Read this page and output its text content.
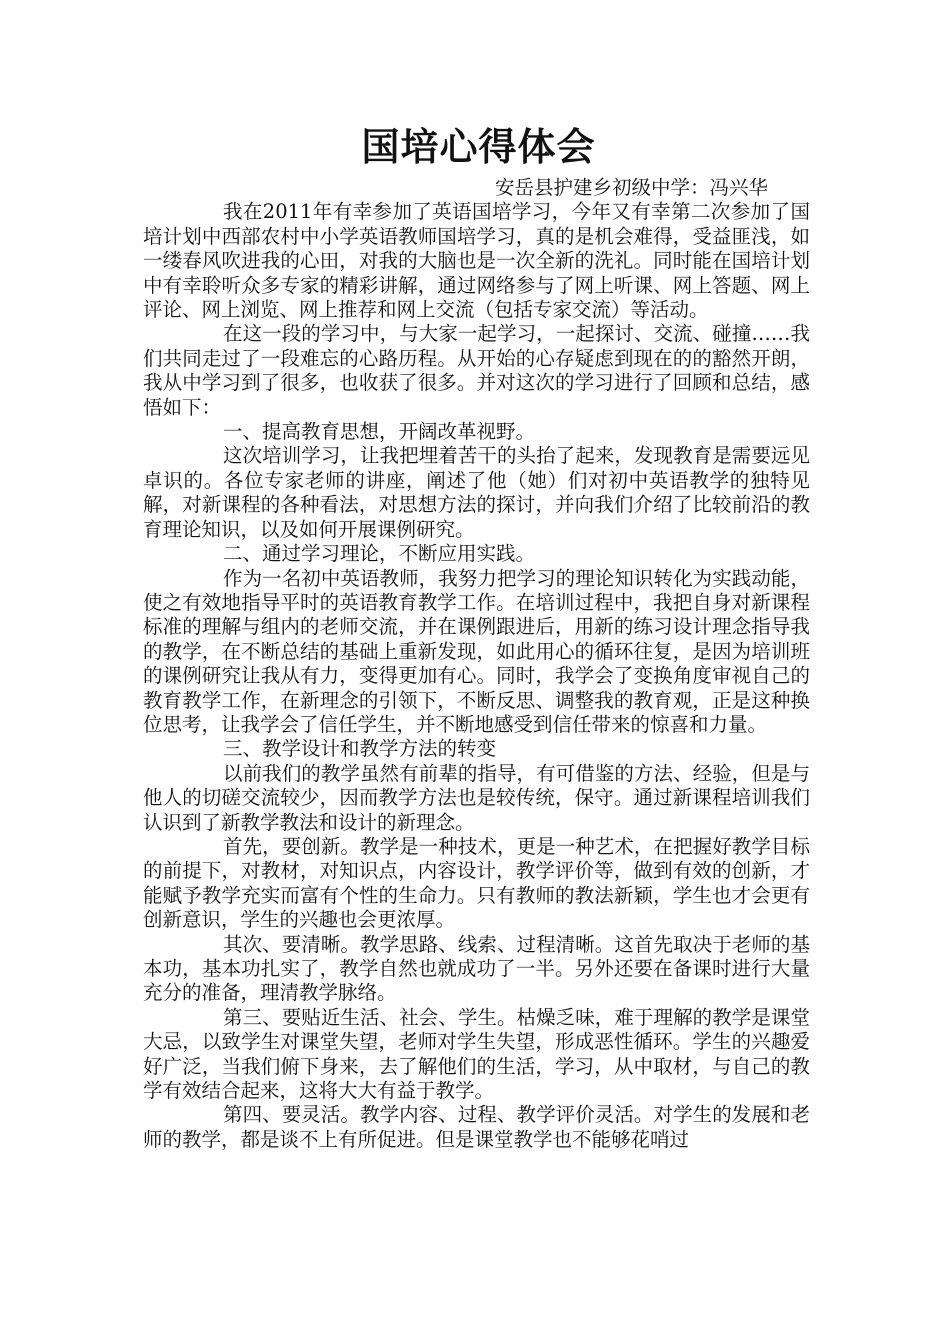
国培心得体会

安岳县护建乡初级中学：冯兴华

我在2011年有幸参加了英语国培学习，今年又有幸第二次参加了国培计划中西部农村中小学英语教师国培学习，真的是机会难得，受益匪浅，如一缕春风吹进我的心田，对我的大脑也是一次全新的洗礼。同时能在国培计划中有幸聆听众多专家的精彩讲解，通过网络参与了网上听课、网上答题、网上评论、网上浏览、网上推荐和网上交流（包括专家交流）等活动。

在这一段的学习中，与大家一起学习，一起探讨、交流、碰撞……我们共同走过了一段难忘的心路历程。从开始的心存疑虑到现在的的豁然开朗，我从中学习到了很多，也收获了很多。并对这次的学习进行了回顾和总结，感悟如下：

一、提高教育思想，开阔改革视野。

这次培训学习，让我把埋着苦干的头抬了起来，发现教育是需要远见卓识的。各位专家老师的讲座，阐述了他（她）们对初中英语教学的独特见解，对新课程的各种看法，对思想方法的探讨，并向我们介绍了比较前沿的教育理论知识，以及如何开展课例研究。

二、通过学习理论，不断应用实践。

作为一名初中英语教师，我努力把学习的理论知识转化为实践动能，使之有效地指导平时的英语教育教学工作。在培训过程中，我把自身对新课程标准的理解与组内的老师交流，并在课例跟进后，用新的练习设计理念指导我的教学，在不断总结的基础上重新发现，如此用心的循环往复，是因为培训班的课例研究让我从有力，变得更加有心。同时，我学会了变换角度审视自己的教育教学工作，在新理念的引领下，不断反思、调整我的教育观，正是这种换位思考，让我学会了信任学生，并不断地感受到信任带来的惊喜和力量。

三、教学设计和教学方法的转变

以前我们的教学虽然有前辈的指导，有可借鉴的方法、经验，但是与他人的切磋交流较少，因而教学方法也是较传统，保守。通过新课程培训我们认识到了新教学教法和设计的新理念。

首先，要创新。教学是一种技术，更是一种艺术，在把握好教学目标的前提下，对教材，对知识点，内容设计，教学评价等，做到有效的创新，才能赋予教学充实而富有个性的生命力。只有教师的教法新颖，学生也才会更有创新意识，学生的兴趣也会更浓厚。

其次、要清晰。教学思路、线索、过程清晰。这首先取决于老师的基本功，基本功扎实了，教学自然也就成功了一半。另外还要在备课时进行大量充分的准备，理清教学脉络。

第三、要贴近生活、社会、学生。枯燥乏味，难于理解的教学是课堂大忌，以致学生对课堂失望，老师对学生失望，形成恶性循环。学生的兴趣爱好广泛，当我们俯下身来，去了解他们的生活，学习，从中取材，与自己的教学有效结合起来，这将大大有益于教学。

第四、要灵活。教学内容、过程、教学评价灵活。对学生的发展和老师的教学，都是谈不上有所促进。但是课堂教学也不能够花哨过
